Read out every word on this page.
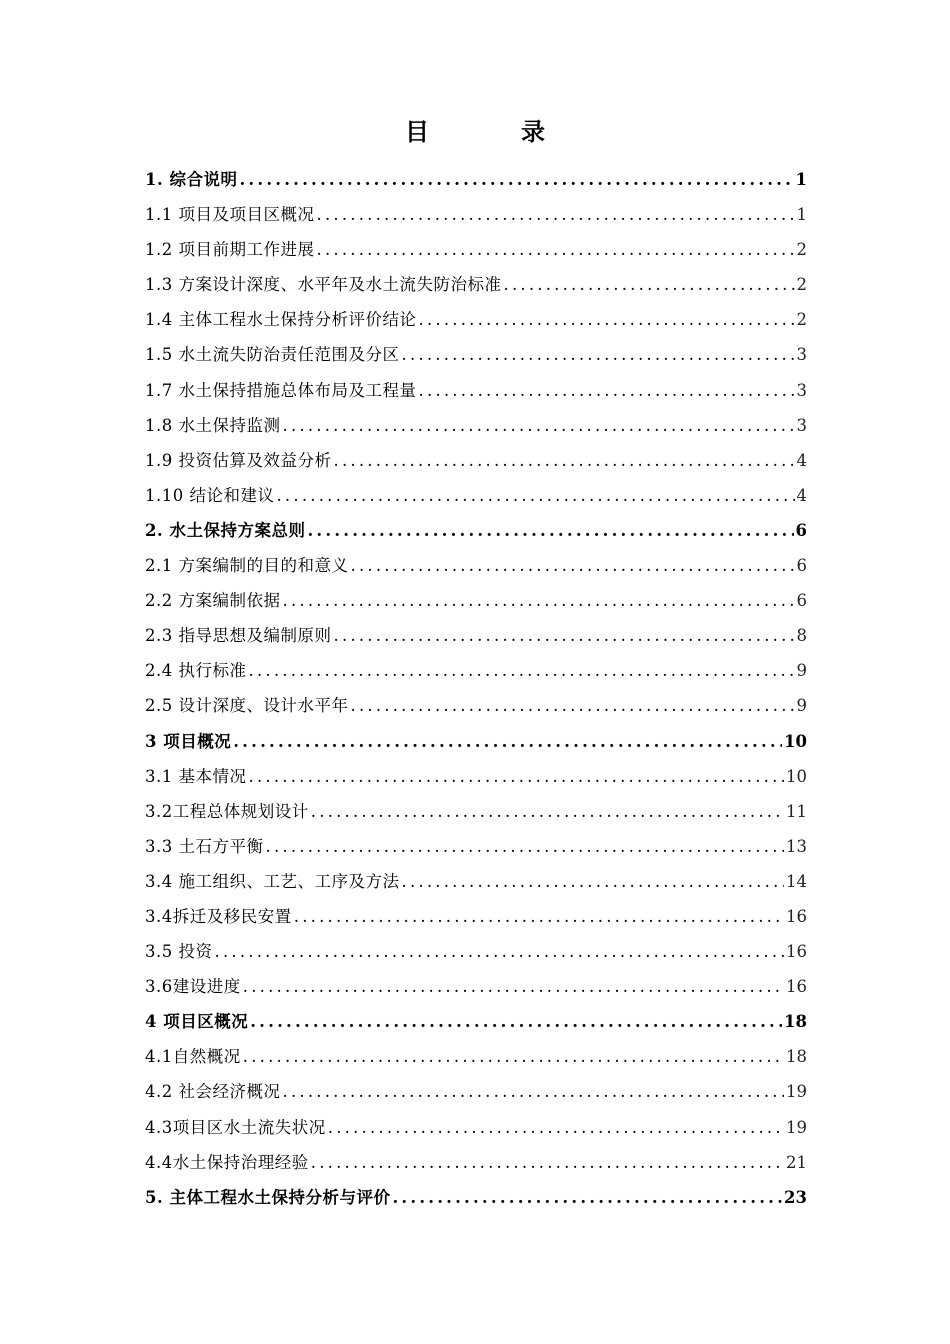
目　录
1. 综合说明 .....	1
1.1 项目及项目区概况 .....	1
1.2 项目前期工作进展 .....	2
1.3 方案设计深度、水平年及水土流失防治标准 .....	2
1.4 主体工程水土保持分析评价结论 .....	2
1.5 水土流失防治责任范围及分区 .....	3
1.7 水土保持措施总体布局及工程量 .....	3
1.8 水土保持监测 .....	3
1.9 投资估算及效益分析 .....	4
1.10 结论和建议 .....	4
2. 水土保持方案总则 .....	6
2.1 方案编制的目的和意义 .....	6
2.2 方案编制依据 .....	6
2.3 指导思想及编制原则 .....	8
2.4 执行标准 .....	9
2.5 设计深度、设计水平年 .....	9
3 项目概况 .....	10
3.1 基本情况 .....	10
3.2工程总体规划设计 .....	11
3.3 土石方平衡 .....	13
3.4 施工组织、工艺、工序及方法 .....	14
3.4拆迁及移民安置 .....	16
3.5 投资 .....	16
3.6建设进度 .....	16
4 项目区概况 .....	18
4.1自然概况 .....	18
4.2 社会经济概况 .....	19
4.3项目区水土流失状况 .....	19
4.4水土保持治理经验 .....	21
5. 主体工程水土保持分析与评价 .....	23
